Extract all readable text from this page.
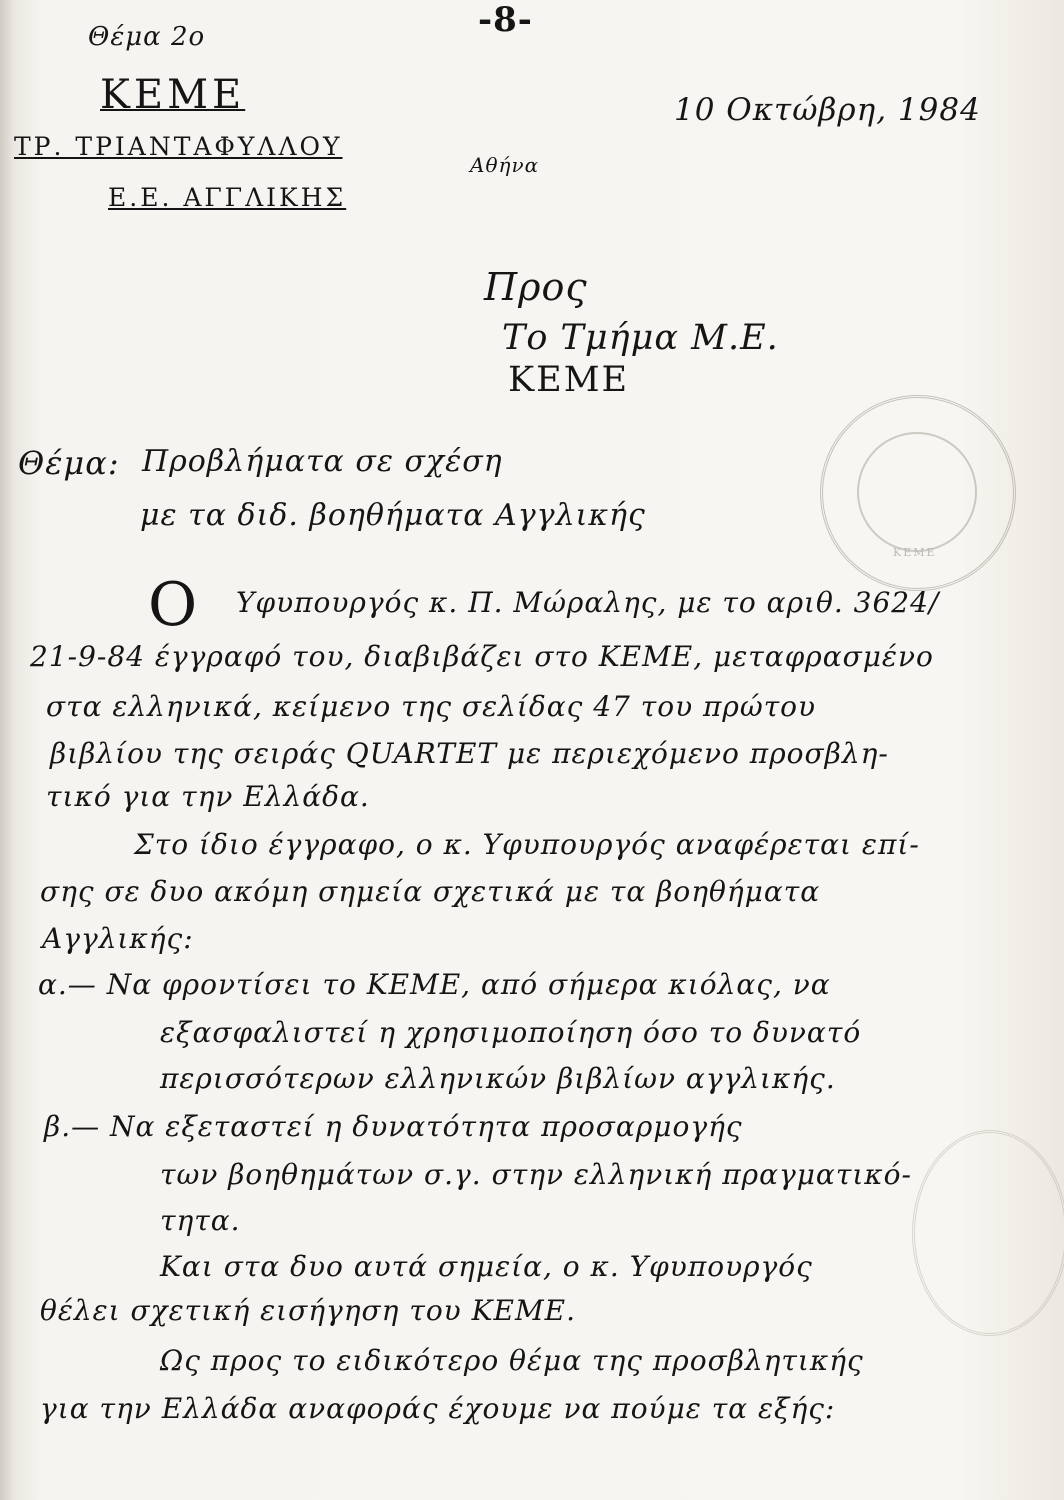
-8-
Θέμα 2ο
ΚΕΜΕ
ΤΡ. ΤΡΙΑΝΤΑΦΥΛΛΟΥ
Ε.Ε. ΑΓΓΛΙΚΗΣ
10 Οκτώβρη, 1984
Αθήνα
Προς
Το Τμήμα Μ.Ε.
ΚΕΜΕ
Θέμα: Προβλήματα σε σχέση
με τα διδ. βοηθήματα Αγγλικής
ΚΕΜΕ
Ο Υφυπουργός κ. Π. Μώραλης, με το αριθ. 3624/
21-9-84 έγγραφό του, διαβιβάζει στο ΚΕΜΕ, μεταφρασμένο
στα ελληνικά, κείμενο της σελίδας 47 του πρώτου
βιβλίου της σειράς QUARTET με περιεχόμενο προσβλη-
τικό για την Ελλάδα.
Στο ίδιο έγγραφο, ο κ. Υφυπουργός αναφέρεται επί-
σης σε δυο ακόμη σημεία σχετικά με τα βοηθήματα
Αγγλικής:
α.— Να φροντίσει το ΚΕΜΕ, από σήμερα κιόλας, να
εξασφαλιστεί η χρησιμοποίηση όσο το δυνατό
περισσότερων ελληνικών βιβλίων αγγλικής.
β.— Να εξεταστεί η δυνατότητα προσαρμογής
των βοηθημάτων σ.γ. στην ελληνική πραγματικό-
τητα.
Και στα δυο αυτά σημεία, ο κ. Υφυπουργός
θέλει σχετική εισήγηση του ΚΕΜΕ.
Ως προς το ειδικότερο θέμα της προσβλητικής
για την Ελλάδα αναφοράς έχουμε να πούμε τα εξής:
